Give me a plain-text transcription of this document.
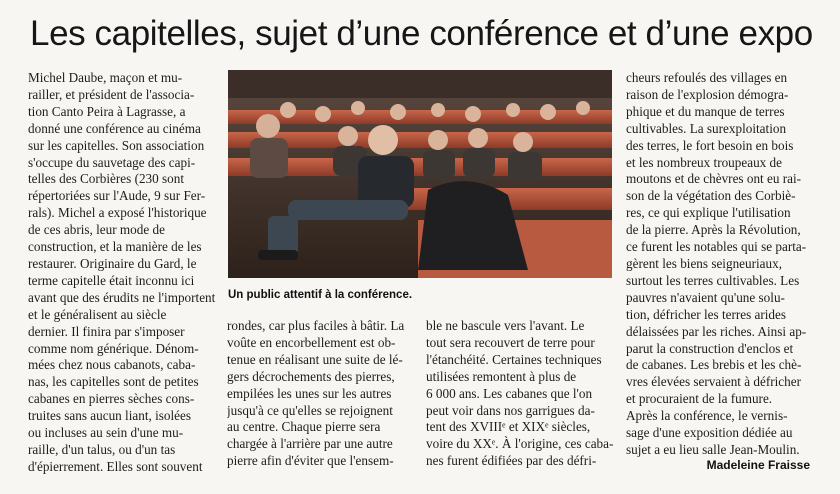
Les capitelles, sujet d’une conférence et d’une expo
Michel Daube, maçon et mu-
railler, et président de l'associa-
tion Canto Peira à Lagrasse, a
donné une conférence au cinéma
sur les capitelles. Son association
s'occupe du sauvetage des capi-
telles des Corbières (230 sont
répertoriées sur l'Aude, 9 sur Fer-
rals). Michel a exposé l'historique
de ces abris, leur mode de
construction, et la manière de les
restaurer. Originaire du Gard, le
terme capitelle était inconnu ici
avant que des érudits ne l'importent
et le généralisent au siècle
dernier. Il finira par s'imposer
comme nom générique. Dénom-
mées chez nous cabanots, caba-
nas, les capitelles sont de petites
cabanes en pierres sèches cons-
truites sans aucun liant, isolées
ou incluses au sein d'une mu-
raille, d'un talus, ou d'un tas
d'épierrement. Elles sont souvent
Un public attentif à la conférence.
rondes, car plus faciles à bâtir. La
voûte en encorbellement est ob-
tenue en réalisant une suite de lé-
gers décrochements des pierres,
empilées les unes sur les autres
jusqu'à ce qu'elles se rejoignent
au centre. Chaque pierre sera
chargée à l'arrière par une autre
pierre afin d'éviter que l'ensem-
ble ne bascule vers l'avant. Le
tout sera recouvert de terre pour
l'étanchéité. Certaines techniques
utilisées remontent à plus de
6 000 ans. Les cabanes que l'on
peut voir dans nos garrigues da-
tent des XVIIIᵉ et XIXᵉ siècles,
voire du XXᵉ. À l'origine, ces caba-
nes furent édifiées par des défri-
cheurs refoulés des villages en
raison de l'explosion démogra-
phique et du manque de terres
cultivables. La surexploitation
des terres, le fort besoin en bois
et les nombreux troupeaux de
moutons et de chèvres ont eu rai-
son de la végétation des Corbiè-
res, ce qui explique l'utilisation
de la pierre. Après la Révolution,
ce furent les notables qui se parta-
gèrent les biens seigneuriaux,
surtout les terres cultivables. Les
pauvres n'avaient qu'une solu-
tion, défricher les terres arides
délaissées par les riches. Ainsi ap-
parut la construction d'enclos et
de cabanes. Les brebis et les chè-
vres élevées servaient à défricher
et procuraient de la fumure.
Après la conférence, le vernis-
sage d'une exposition dédiée au
sujet a eu lieu salle Jean-Moulin.
Madeleine Fraisse
